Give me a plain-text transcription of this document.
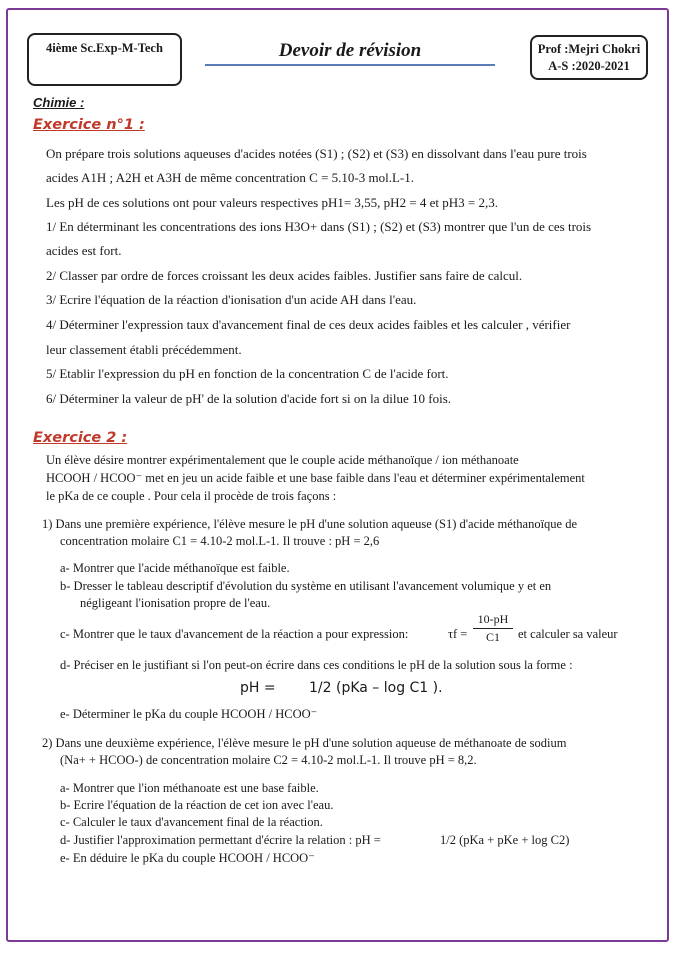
4ième Sc.Exp-M-Tech	Devoir de révision	Prof :Mejri Chokri
A-S :2020-2021
Chimie :
Exercice n°1 :
On prépare trois solutions aqueuses d'acides notées (S1) ; (S2) et (S3) en dissolvant dans l'eau pure trois
acides A1H ; A2H et A3H de même concentration C = 5.10-3 mol.L-1.
Les pH de ces solutions ont pour valeurs respectives pH1= 3,55, pH2 = 4 et pH3 = 2,3.
1/ En déterminant les concentrations des ions H3O+ dans (S1) ; (S2) et (S3) montrer que l'un de ces trois
acides est fort.
2/ Classer par ordre de forces croissant les deux acides faibles. Justifier sans faire de calcul.
3/ Ecrire l'équation de la réaction d'ionisation d'un acide AH dans l'eau.
4/ Déterminer l'expression taux d'avancement final de ces deux acides faibles et les calculer , vérifier
leur classement établi précédemment.
5/ Etablir l'expression du pH en fonction de la concentration C de l'acide fort.
6/ Déterminer la valeur de pH' de la solution d'acide fort si on la dilue 10 fois.
Exercice 2 :
Un élève désire montrer expérimentalement que le couple acide méthanoïque / ion méthanoate
HCOOH / HCOO⁻ met en jeu un acide faible et une base faible dans l'eau et déterminer expérimentalement
le pKa de ce couple . Pour cela il procède de trois façons :
1) Dans une première expérience, l'élève mesure le pH d'une solution aqueuse (S1) d'acide méthanoïque de
concentration molaire C1 = 4.10-2 mol.L-1. Il trouve : pH = 2,6
a- Montrer que l'acide méthanoïque est faible.
b- Dresser le tableau descriptif d'évolution du système en utilisant l'avancement volumique y et en
négligeant l'ionisation propre de l'eau.
c- Montrer que le taux d'avancement de la réaction a pour expression:	τf =
10-pH
C1	et calculer sa valeur
d- Préciser en le justifiant si l'on peut-on écrire dans ces conditions le pH de la solution sous la forme :
pH = 1/2 (pKa – log C1 ).
e- Déterminer le pKa du couple HCOOH / HCOO⁻
2) Dans une deuxième expérience, l'élève mesure le pH d'une solution aqueuse de méthanoate de sodium
(Na+ + HCOO-) de concentration molaire C2 = 4.10-2 mol.L-1. Il trouve pH = 8,2.
a- Montrer que l'ion méthanoate est une base faible.
b- Ecrire l'équation de la réaction de cet ion avec l'eau.
c- Calculer le taux d'avancement final de la réaction.
d- Justifier l'approximation permettant d'écrire la relation : pH =	1/2 (pKa + pKe + log C2)
e- En déduire le pKa du couple HCOOH / HCOO⁻
